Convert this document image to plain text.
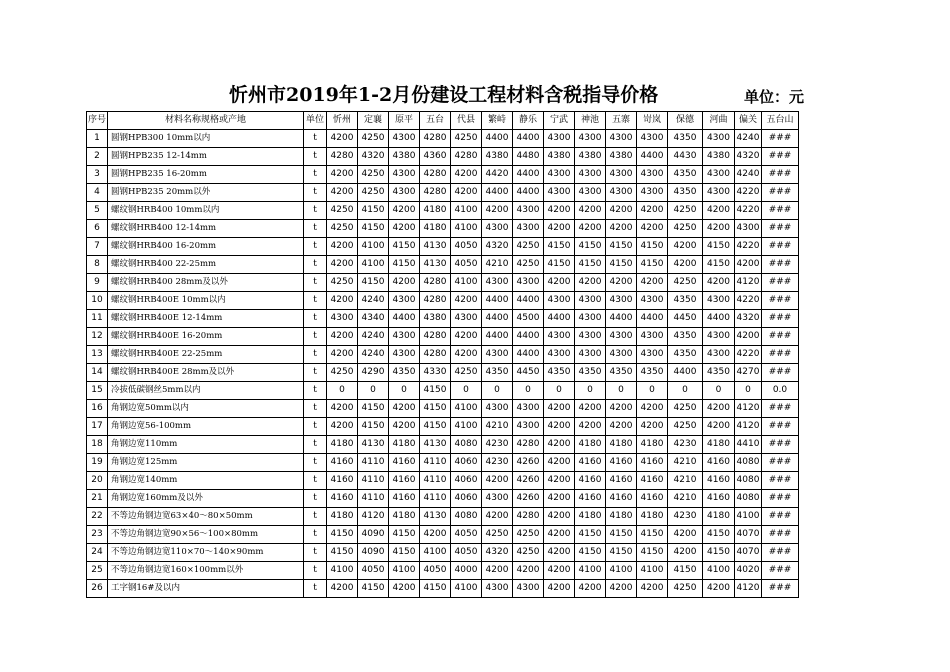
忻州市2019年1-2月份建设工程材料含税指导价格	单位：元
序号	材料名称规格或产地	单位	忻州	定襄	原平	五台	代县	繁峙	静乐	宁武	神池	五寨	岢岚	保德	河曲	偏关	五台山
1	圆钢HPB300 10mm以内	t	4200	4250	4300	4280	4250	4400	4400	4300	4300	4300	4300	4350	4300	4240	###
2	圆钢HPB235 12-14mm	t	4280	4320	4380	4360	4280	4380	4480	4380	4380	4380	4400	4430	4380	4320	###
3	圆钢HPB235 16-20mm	t	4200	4250	4300	4280	4200	4420	4400	4300	4300	4300	4300	4350	4300	4240	###
4	圆钢HPB235 20mm以外	t	4200	4250	4300	4280	4200	4400	4400	4300	4300	4300	4300	4350	4300	4220	###
5	螺纹钢HRB400 10mm以内	t	4250	4150	4200	4180	4100	4200	4300	4200	4200	4200	4200	4250	4200	4220	###
6	螺纹钢HRB400 12-14mm	t	4250	4150	4200	4180	4100	4300	4300	4200	4200	4200	4200	4250	4200	4300	###
7	螺纹钢HRB400 16-20mm	t	4200	4100	4150	4130	4050	4320	4250	4150	4150	4150	4150	4200	4150	4220	###
8	螺纹钢HRB400 22-25mm	t	4200	4100	4150	4130	4050	4210	4250	4150	4150	4150	4150	4200	4150	4200	###
9	螺纹钢HRB400 28mm及以外	t	4250	4150	4200	4280	4100	4300	4300	4200	4200	4200	4200	4250	4200	4120	###
10	螺纹钢HRB400E 10mm以内	t	4200	4240	4300	4280	4200	4400	4400	4300	4300	4300	4300	4350	4300	4220	###
11	螺纹钢HRB400E 12-14mm	t	4300	4340	4400	4380	4300	4400	4500	4400	4300	4400	4400	4450	4400	4320	###
12	螺纹钢HRB400E 16-20mm	t	4200	4240	4300	4280	4200	4400	4400	4300	4300	4300	4300	4350	4300	4200	###
13	螺纹钢HRB400E 22-25mm	t	4200	4240	4300	4280	4200	4300	4400	4300	4300	4300	4300	4350	4300	4220	###
14	螺纹钢HRB400E 28mm及以外	t	4250	4290	4350	4330	4250	4350	4450	4350	4350	4350	4350	4400	4350	4270	###
15	冷拔低碳钢丝5mm以内	t	0	0	0	4150	0	0	0	0	0	0	0	0	0	0	0.0
16	角钢边宽50mm以内	t	4200	4150	4200	4150	4100	4300	4300	4200	4200	4200	4200	4250	4200	4120	###
17	角钢边宽56-100mm	t	4200	4150	4200	4150	4100	4210	4300	4200	4200	4200	4200	4250	4200	4120	###
18	角钢边宽110mm	t	4180	4130	4180	4130	4080	4230	4280	4200	4180	4180	4180	4230	4180	4410	###
19	角钢边宽125mm	t	4160	4110	4160	4110	4060	4230	4260	4200	4160	4160	4160	4210	4160	4080	###
20	角钢边宽140mm	t	4160	4110	4160	4110	4060	4200	4260	4200	4160	4160	4160	4210	4160	4080	###
21	角钢边宽160mm及以外	t	4160	4110	4160	4110	4060	4300	4260	4200	4160	4160	4160	4210	4160	4080	###
22	不等边角钢边宽63×40～80×50mm	t	4180	4120	4180	4130	4080	4200	4280	4200	4180	4180	4180	4230	4180	4100	###
23	不等边角钢边宽90×56～100×80mm	t	4150	4090	4150	4200	4050	4250	4250	4200	4150	4150	4150	4200	4150	4070	###
24	不等边角钢边宽110×70～140×90mm	t	4150	4090	4150	4100	4050	4320	4250	4200	4150	4150	4150	4200	4150	4070	###
25	不等边角钢边宽160×100mm以外	t	4100	4050	4100	4050	4000	4200	4200	4200	4100	4100	4100	4150	4100	4020	###
26	工字钢16#及以内	t	4200	4150	4200	4150	4100	4300	4300	4200	4200	4200	4200	4250	4200	4120	###
